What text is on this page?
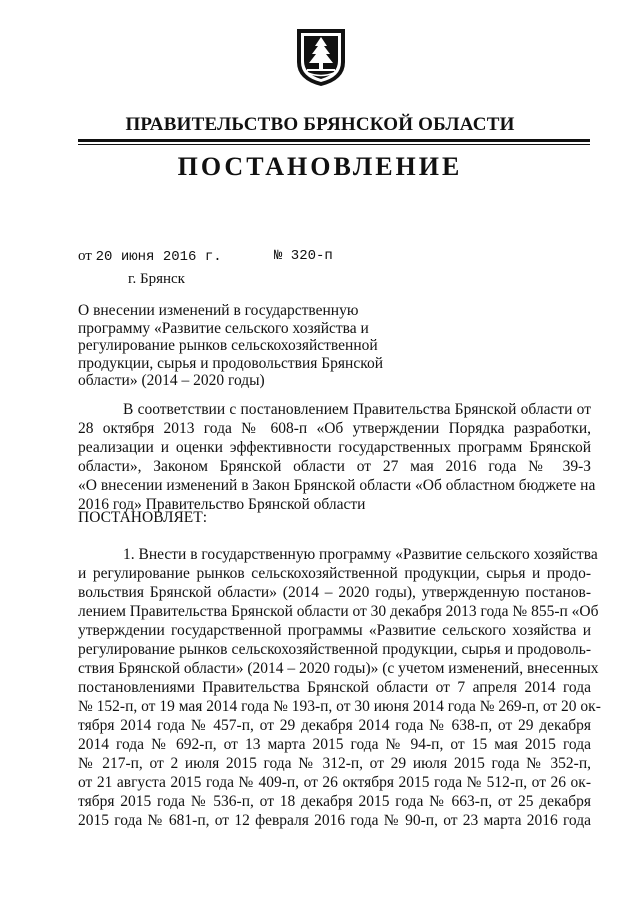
ПРАВИТЕЛЬСТВО БРЯНСКОЙ ОБЛАСТИ
ПОСТАНОВЛЕНИЕ
от 20 июня 2016 г.	№ 320-п
г. Брянск
О внесении изменений в государственную
программу «Развитие сельского хозяйства и
регулирование рынков сельскохозяйственной
продукции, сырья и продовольствия Брянской
области» (2014 – 2020 годы)
В соответствии с постановлением Правительства Брянской области от
28 октября 2013 года № 608-п «Об утверждении Порядка разработки,
реализации и оценки эффективности государственных программ Брянской
области», Законом Брянской области от 27 мая 2016 года № 39-З
«О внесении изменений в Закон Брянской области «Об областном бюджете на
2016 год» Правительство Брянской области
ПОСТАНОВЛЯЕТ:
1. Внести в государственную программу «Развитие сельского хозяйства
и регулирование рынков сельскохозяйственной продукции, сырья и продо-
вольствия Брянской области» (2014 – 2020 годы), утвержденную постанов-
лением Правительства Брянской области от 30 декабря 2013 года № 855-п «Об
утверждении государственной программы «Развитие сельского хозяйства и
регулирование рынков сельскохозяйственной продукции, сырья и продоволь-
ствия Брянской области» (2014 – 2020 годы)» (с учетом изменений, внесенных
постановлениями Правительства Брянской области от 7 апреля 2014 года
№ 152-п, от 19 мая 2014 года № 193-п, от 30 июня 2014 года № 269-п, от 20 ок-
тября 2014 года № 457-п, от 29 декабря 2014 года № 638-п, от 29 декабря
2014 года № 692-п, от 13 марта 2015 года № 94-п, от 15 мая 2015 года
№ 217-п, от 2 июля 2015 года № 312-п, от 29 июля 2015 года № 352-п,
от 21 августа 2015 года № 409-п, от 26 октября 2015 года № 512-п, от 26 ок-
тября 2015 года № 536-п, от 18 декабря 2015 года № 663-п, от 25 декабря
2015 года № 681-п, от 12 февраля 2016 года № 90-п, от 23 марта 2016 года
